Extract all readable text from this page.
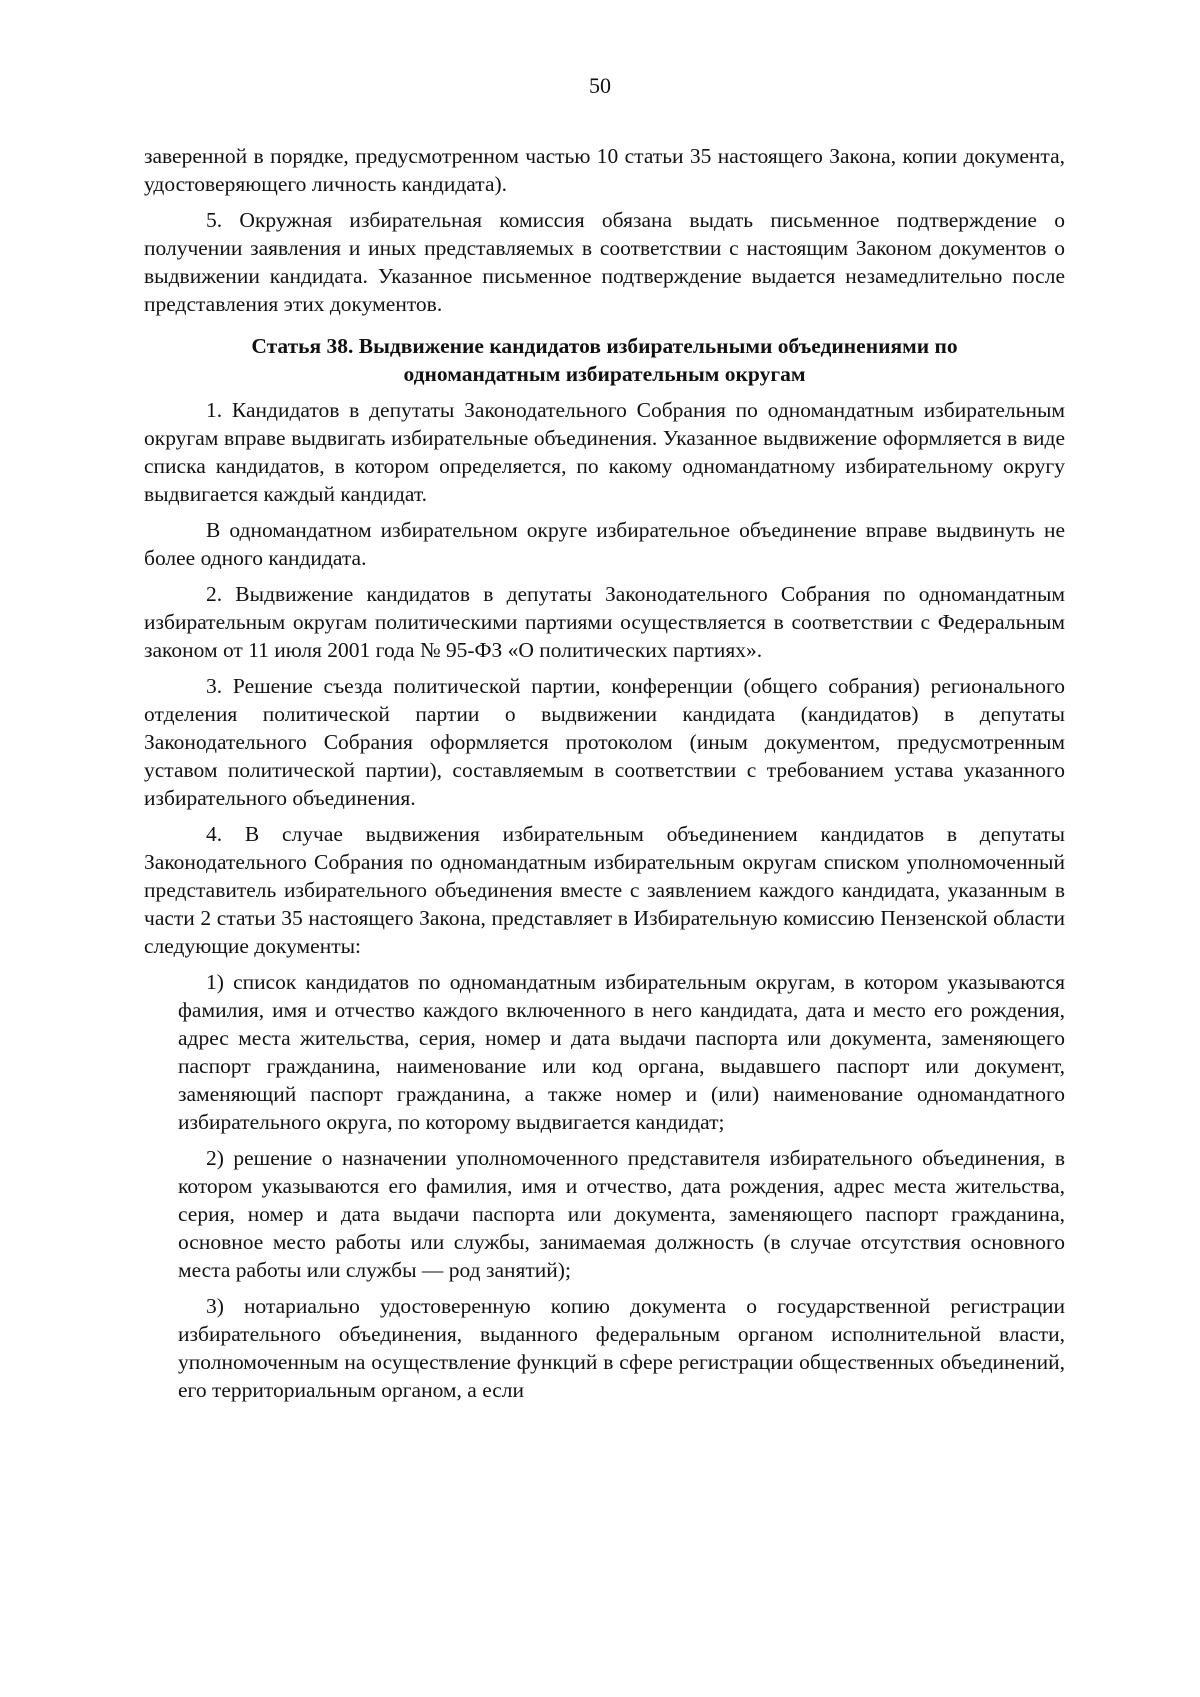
50

заверенной в порядке, предусмотренном частью 10 статьи 35 настоящего Закона, копии документа, удостоверяющего личность кандидата).

5. Окружная избирательная комиссия обязана выдать письменное подтверждение о получении заявления и иных представляемых в соответствии с настоящим Законом документов о выдвижении кандидата. Указанное письменное подтверждение выдается незамедлительно после представления этих документов.

Статья 38. Выдвижение кандидатов избирательными объединениями по одномандатным избирательным округам

1. Кандидатов в депутаты Законодательного Собрания по одномандатным избирательным округам вправе выдвигать избирательные объединения. Указанное выдвижение оформляется в виде списка кандидатов, в котором определяется, по какому одномандатному избирательному округу выдвигается каждый кандидат.

В одномандатном избирательном округе избирательное объединение вправе выдвинуть не более одного кандидата.

2. Выдвижение кандидатов в депутаты Законодательного Собрания по одномандатным избирательным округам политическими партиями осуществляется в соответствии с Федеральным законом от 11 июля 2001 года № 95-ФЗ «О политических партиях».

3. Решение съезда политической партии, конференции (общего собрания) регионального отделения политической партии о выдвижении кандидата (кандидатов) в депутаты Законодательного Собрания оформляется протоколом (иным документом, предусмотренным уставом политической партии), составляемым в соответствии с требованием устава указанного избирательного объединения.

4. В случае выдвижения избирательным объединением кандидатов в депутаты Законодательного Собрания по одномандатным избирательным округам списком уполномоченный представитель избирательного объединения вместе с заявлением каждого кандидата, указанным в части 2 статьи 35 настоящего Закона, представляет в Избирательную комиссию Пензенской области следующие документы:

1) список кандидатов по одномандатным избирательным округам, в котором указываются фамилия, имя и отчество каждого включенного в него кандидата, дата и место его рождения, адрес места жительства, серия, номер и дата выдачи паспорта или документа, заменяющего паспорт гражданина, наименование или код органа, выдавшего паспорт или документ, заменяющий паспорт гражданина, а также номер и (или) наименование одномандатного избирательного округа, по которому выдвигается кандидат;

2) решение о назначении уполномоченного представителя избирательного объединения, в котором указываются его фамилия, имя и отчество, дата рождения, адрес места жительства, серия, номер и дата выдачи паспорта или документа, заменяющего паспорт гражданина, основное место работы или службы, занимаемая должность (в случае отсутствия основного места работы или службы — род занятий);

3) нотариально удостоверенную копию документа о государственной регистрации избирательного объединения, выданного федеральным органом исполнительной власти, уполномоченным на осуществление функций в сфере регистрации общественных объединений, его территориальным органом, а если
